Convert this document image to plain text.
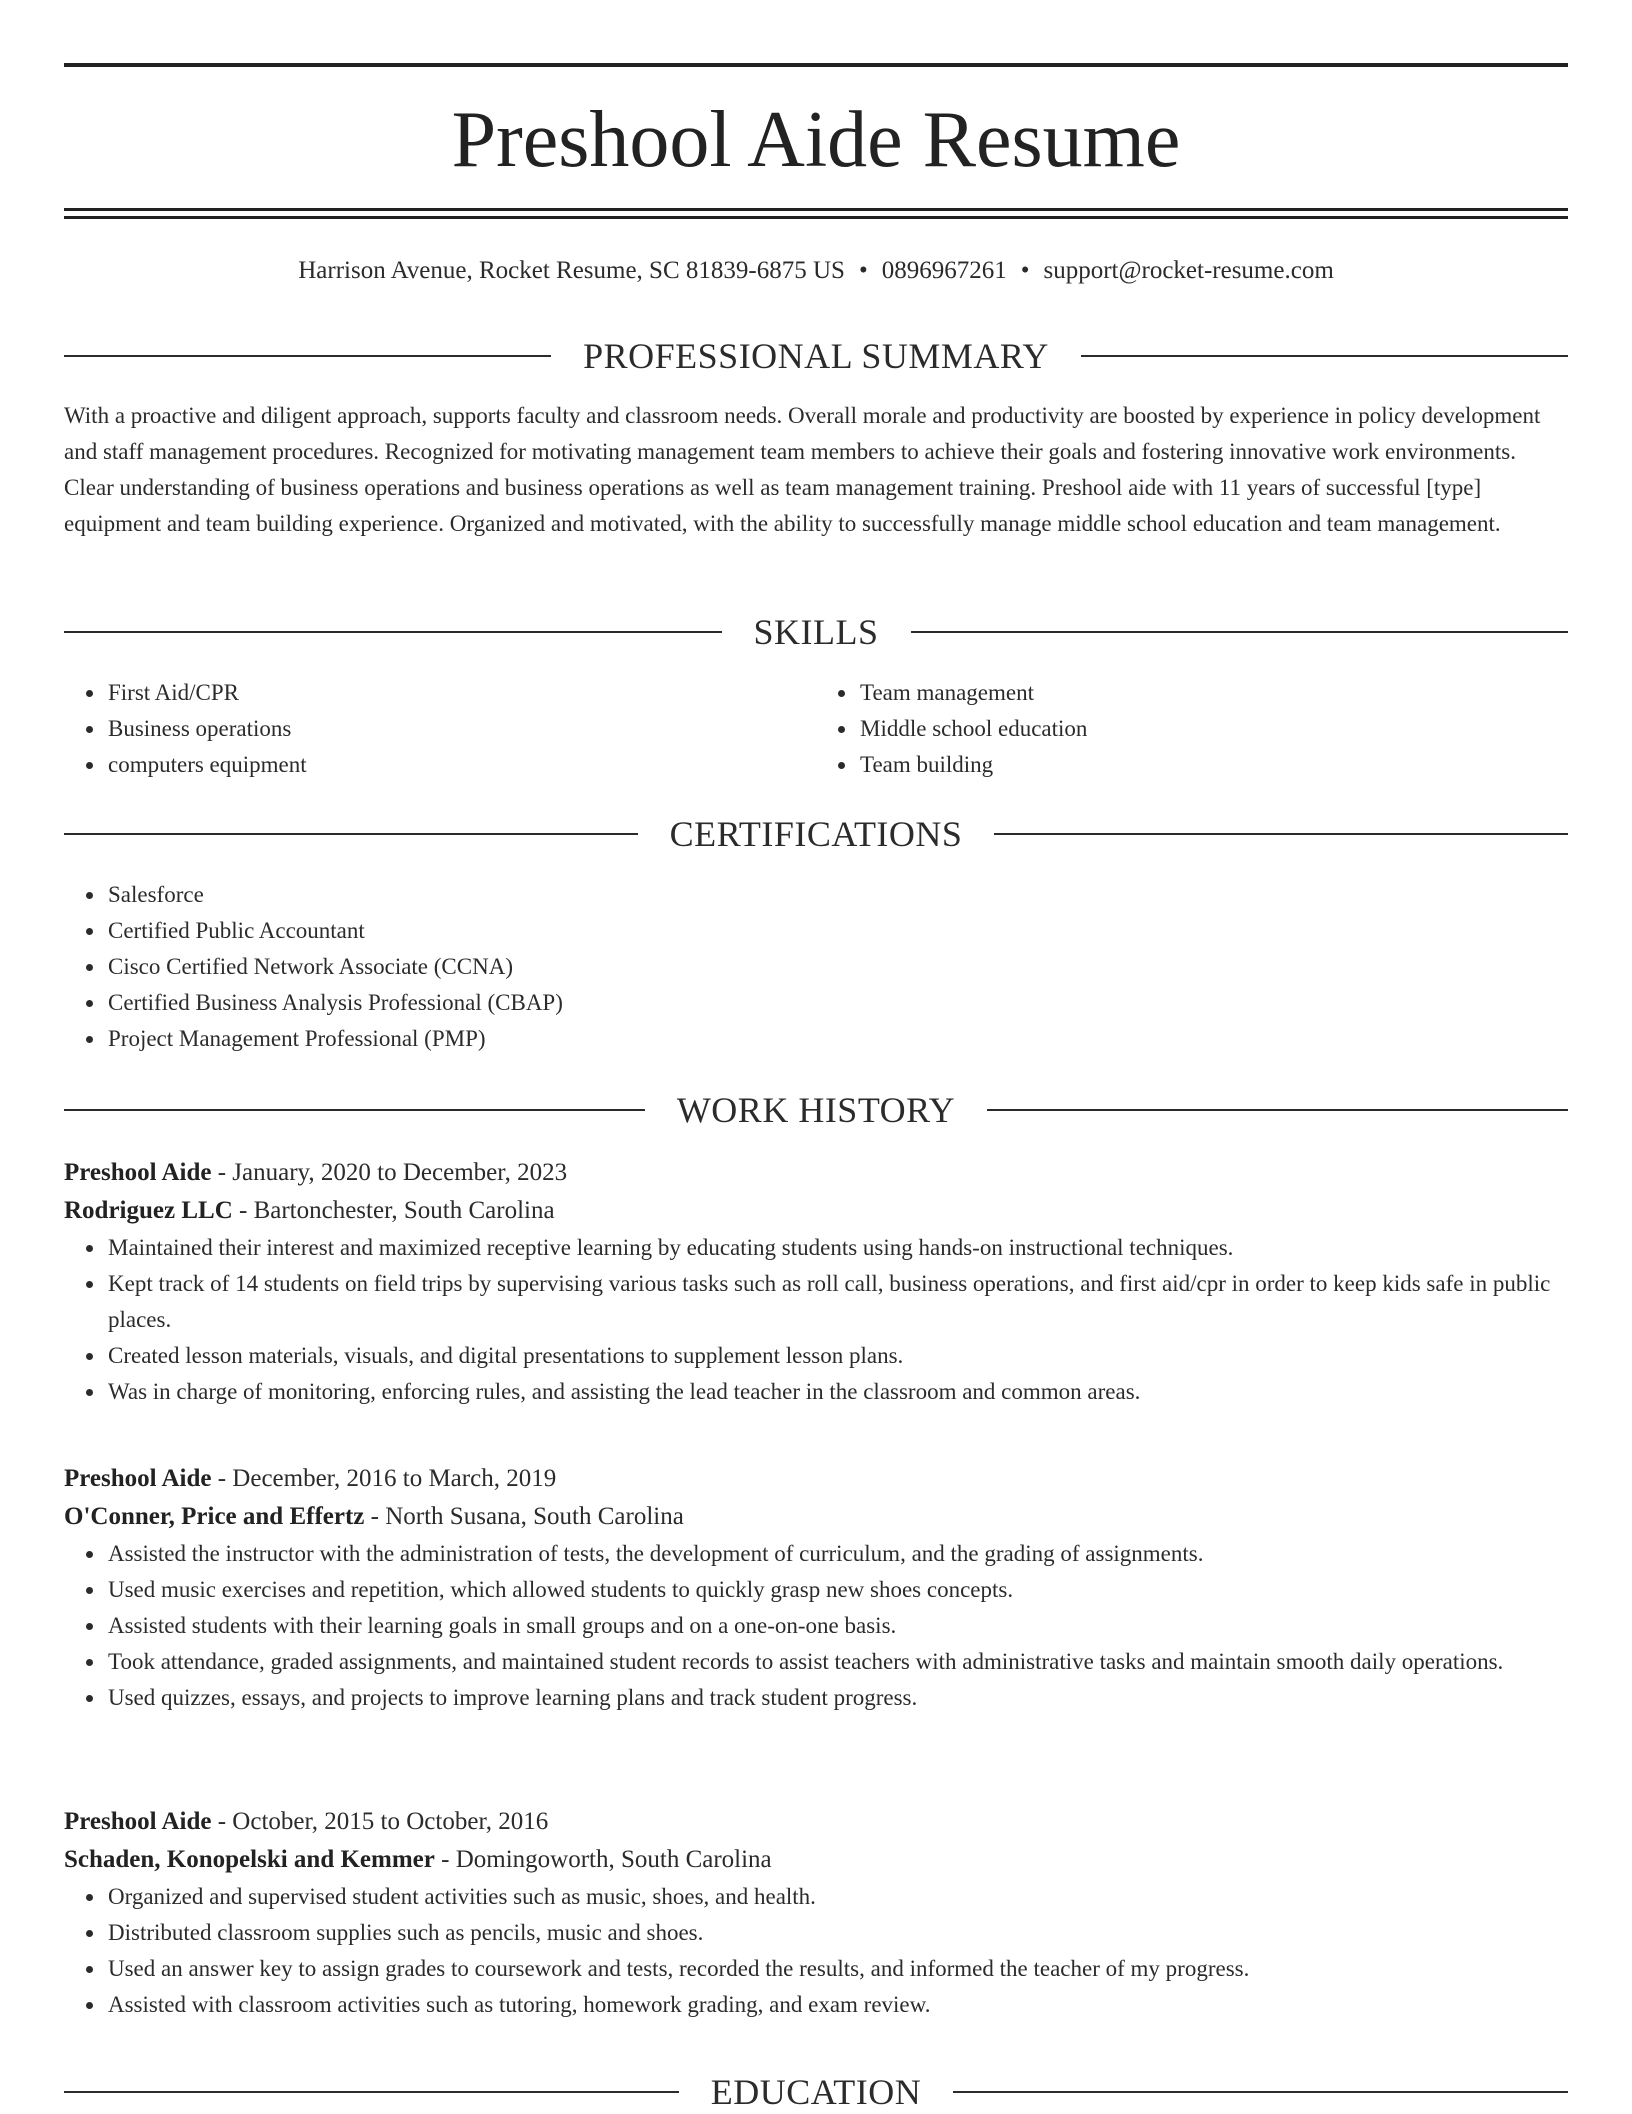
Preshool Aide Resume
Harrison Avenue, Rocket Resume, SC 81839-6875 US • 0896967261 • support@rocket-resume.com
PROFESSIONAL SUMMARY
With a proactive and diligent approach, supports faculty and classroom needs. Overall morale and productivity are boosted by experience in policy development and staff management procedures. Recognized for motivating management team members to achieve their goals and fostering innovative work environments. Clear understanding of business operations and business operations as well as team management training. Preshool aide with 11 years of successful [type] equipment and team building experience. Organized and motivated, with the ability to successfully manage middle school education and team management.
SKILLS
First Aid/CPR
Business operations
computers equipment
Team management
Middle school education
Team building
CERTIFICATIONS
Salesforce
Certified Public Accountant
Cisco Certified Network Associate (CCNA)
Certified Business Analysis Professional (CBAP)
Project Management Professional (PMP)
WORK HISTORY
Preshool Aide - January, 2020 to December, 2023
Rodriguez LLC - Bartonchester, South Carolina
Maintained their interest and maximized receptive learning by educating students using hands-on instructional techniques.
Kept track of 14 students on field trips by supervising various tasks such as roll call, business operations, and first aid/cpr in order to keep kids safe in public places.
Created lesson materials, visuals, and digital presentations to supplement lesson plans.
Was in charge of monitoring, enforcing rules, and assisting the lead teacher in the classroom and common areas.
Preshool Aide - December, 2016 to March, 2019
O'Conner, Price and Effertz - North Susana, South Carolina
Assisted the instructor with the administration of tests, the development of curriculum, and the grading of assignments.
Used music exercises and repetition, which allowed students to quickly grasp new shoes concepts.
Assisted students with their learning goals in small groups and on a one-on-one basis.
Took attendance, graded assignments, and maintained student records to assist teachers with administrative tasks and maintain smooth daily operations.
Used quizzes, essays, and projects to improve learning plans and track student progress.
Preshool Aide - October, 2015 to October, 2016
Schaden, Konopelski and Kemmer - Domingoworth, South Carolina
Organized and supervised student activities such as music, shoes, and health.
Distributed classroom supplies such as pencils, music and shoes.
Used an answer key to assign grades to coursework and tests, recorded the results, and informed the teacher of my progress.
Assisted with classroom activities such as tutoring, homework grading, and exam review.
EDUCATION
